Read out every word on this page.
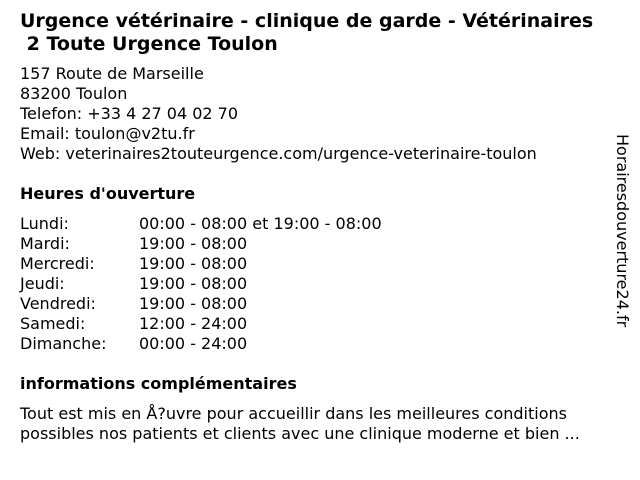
Urgence vétérinaire - clinique de garde - Vétérinaires
2 Toute Urgence Toulon
157 Route de Marseille
83200 Toulon
Telefon: +33 4 27 04 02 70
Email: toulon@v2tu.fr
Web: veterinaires2touteurgence.com/urgence-veterinaire-toulon
Heures d'ouverture
Lundi:	00:00 - 08:00 et 19:00 - 08:00
Mardi:	19:00 - 08:00
Mercredi:	19:00 - 08:00
Jeudi:	19:00 - 08:00
Vendredi:	19:00 - 08:00
Samedi:	12:00 - 24:00
Dimanche:	00:00 - 24:00
informations complémentaires
Tout est mis en Å?uvre pour accueillir dans les meilleures conditions possibles nos patients et clients avec une clinique moderne et bien ...
Horairesdouverture24.fr
